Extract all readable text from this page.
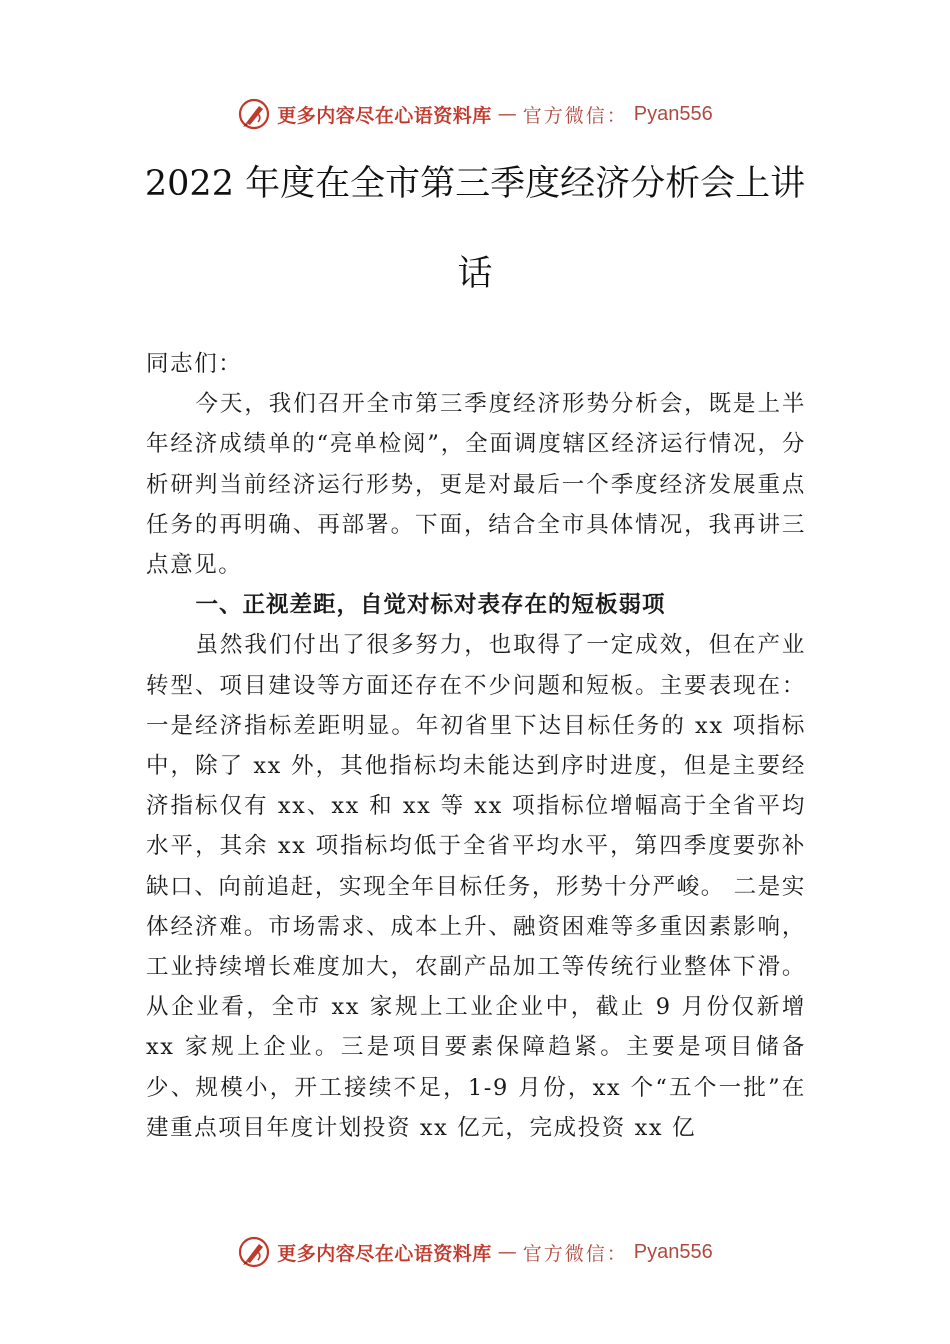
更多内容尽在心语资料库 — 官方微信： Pyan556
2022 年度在全市第三季度经济分析会上讲
话

同志们：

今天，我们召开全市第三季度经济形势分析会，既是上半年经济成绩单的“亮单检阅”，全面调度辖区经济运行情况，分析研判当前经济运行形势，更是对最后一个季度经济发展重点任务的再明确、再部署。下面，结合全市具体情况，我再讲三点意见。

一、正视差距，自觉对标对表存在的短板弱项

虽然我们付出了很多努力，也取得了一定成效，但在产业转型、项目建设等方面还存在不少问题和短板。主要表现在：一是经济指标差距明显。年初省里下达目标任务的 xx 项指标中，除了 xx 外，其他指标均未能达到序时进度，但是主要经济指标仅有 xx、xx 和 xx 等 xx 项指标位增幅高于全省平均水平，其余 xx 项指标均低于全省平均水平，第四季度要弥补缺口、向前追赶，实现全年目标任务，形势十分严峻。 二是实体经济难。市场需求、成本上升、融资困难等多重因素影响，工业持续增长难度加大，农副产品加工等传统行业整体下滑。从企业看，全市 xx 家规上工业企业中，截止 9 月份仅新增 xx 家规上企业。三是项目要素保障趋紧。主要是项目储备少、规模小，开工接续不足，1-9 月份，xx 个“五个一批”在建重点项目年度计划投资 xx 亿元，完成投资 xx 亿

更多内容尽在心语资料库 — 官方微信： Pyan556
